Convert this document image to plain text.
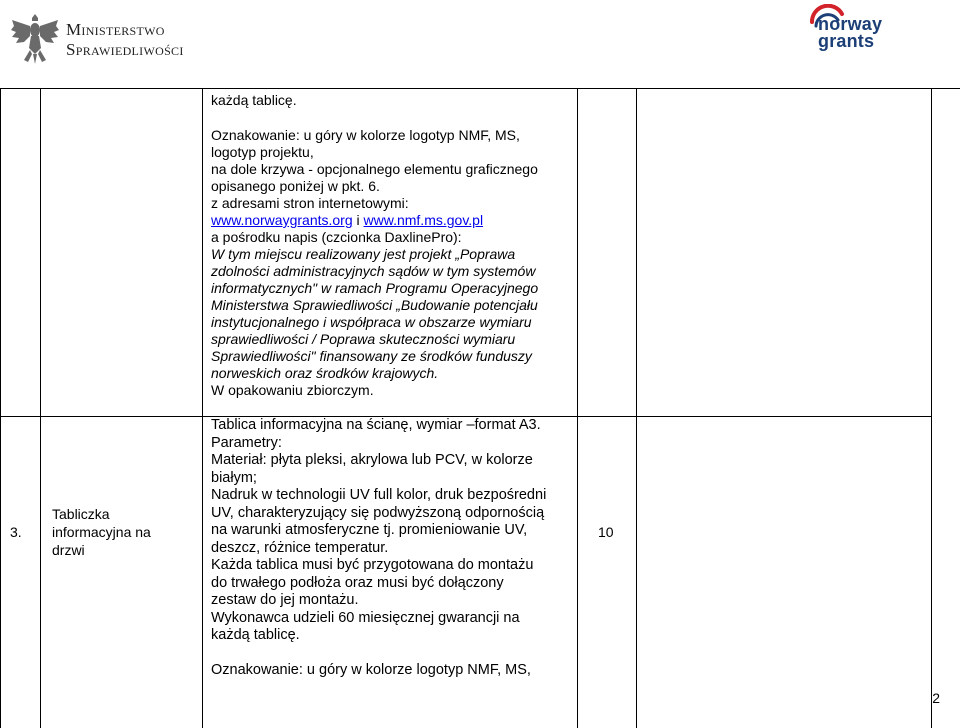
Ministerstwo
Sprawiedliwości
norway
grants
3.
Tabliczka
informacyjna na
drzwi
10
każdą tablicę.
Oznakowanie: u góry w kolorze logotyp NMF, MS,
logotyp projektu,
na dole krzywa - opcjonalnego elementu graficznego
opisanego poniżej w pkt. 6.
z adresami stron internetowymi:
www.norwaygrants.org i www.nmf.ms.gov.pl
a pośrodku napis (czcionka DaxlinePro):
W tym miejscu realizowany jest projekt „Poprawa
zdolności administracyjnych sądów w tym systemów
informatycznych" w ramach Programu Operacyjnego
Ministerstwa Sprawiedliwości „Budowanie potencjału
instytucjonalnego i współpraca w obszarze wymiaru
sprawiedliwości / Poprawa skuteczności wymiaru
Sprawiedliwości" finansowany ze środków funduszy
norweskich oraz środków krajowych.
W opakowaniu zbiorczym.
Tablica informacyjna na ścianę, wymiar –format A3.
Parametry:
Materiał: płyta pleksi, akrylowa lub PCV, w kolorze
białym;
Nadruk w technologii UV full kolor, druk bezpośredni
UV, charakteryzujący się podwyższoną odpornością
na warunki atmosferyczne tj. promieniowanie UV,
deszcz, różnice temperatur.
Każda tablica musi być przygotowana do montażu
do trwałego podłoża oraz musi być dołączony
zestaw do jej montażu.
Wykonawca udzieli 60 miesięcznej gwarancji na
każdą tablicę.
Oznakowanie: u góry w kolorze logotyp NMF, MS,
2
